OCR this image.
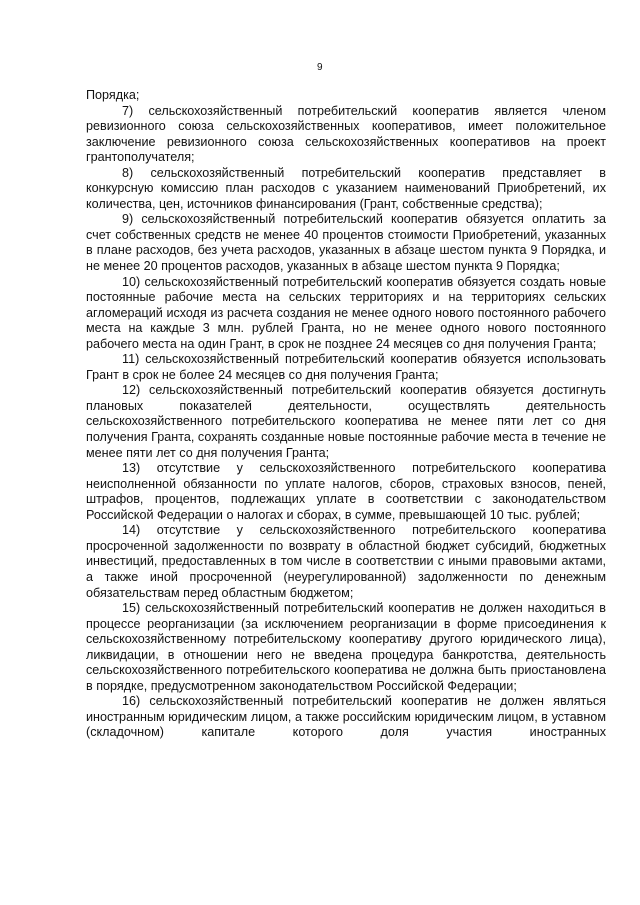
9

Порядка;

7) сельскохозяйственный потребительский кооператив является членом ревизионного союза сельскохозяйственных кооперативов, имеет положительное заключение ревизионного союза сельскохозяйственных кооперативов на проект грантополучателя;

8) сельскохозяйственный потребительский кооператив представляет в конкурсную комиссию план расходов с указанием наименований Приобретений, их количества, цен, источников финансирования (Грант, собственные средства);

9) сельскохозяйственный потребительский кооператив обязуется оплатить за счет собственных средств не менее 40 процентов стоимости Приобретений, указанных в плане расходов, без учета расходов, указанных в абзаце шестом пункта 9 Порядка, и не менее 20 процентов расходов, указанных в абзаце шестом пункта 9 Порядка;

10) сельскохозяйственный потребительский кооператив обязуется создать новые постоянные рабочие места на сельских территориях и на территориях сельских агломераций исходя из расчета создания не менее одного нового постоянного рабочего места на каждые 3 млн. рублей Гранта, но не менее одного нового постоянного рабочего места на один Грант, в срок не позднее 24 месяцев со дня получения Гранта;

11) сельскохозяйственный потребительский кооператив обязуется использовать Грант в срок не более 24 месяцев со дня получения Гранта;

12) сельскохозяйственный потребительский кооператив обязуется достигнуть плановых показателей деятельности, осуществлять деятельность сельскохозяйственного потребительского кооператива не менее пяти лет со дня получения Гранта, сохранять созданные новые постоянные рабочие места в течение не менее пяти лет со дня получения Гранта;

13) отсутствие у сельскохозяйственного потребительского кооператива неисполненной обязанности по уплате налогов, сборов, страховых взносов, пеней, штрафов, процентов, подлежащих уплате в соответствии с законодательством Российской Федерации о налогах и сборах, в сумме, превышающей 10 тыс. рублей;

14) отсутствие у сельскохозяйственного потребительского кооператива просроченной задолженности по возврату в областной бюджет субсидий, бюджетных инвестиций, предоставленных в том числе в соответствии с иными правовыми актами, а также иной просроченной (неурегулированной) задолженности по денежным обязательствам перед областным бюджетом;

15) сельскохозяйственный потребительский кооператив не должен находиться в процессе реорганизации (за исключением реорганизации в форме присоединения к сельскохозяйственному потребительскому кооперативу другого юридического лица), ликвидации, в отношении него не введена процедура банкротства, деятельность сельскохозяйственного потребительского кооператива не должна быть приостановлена в порядке, предусмотренном законодательством Российской Федерации;

16) сельскохозяйственный потребительский кооператив не должен являться иностранным юридическим лицом, а также российским юридическим лицом, в уставном (складочном) капитале которого доля участия иностранных
